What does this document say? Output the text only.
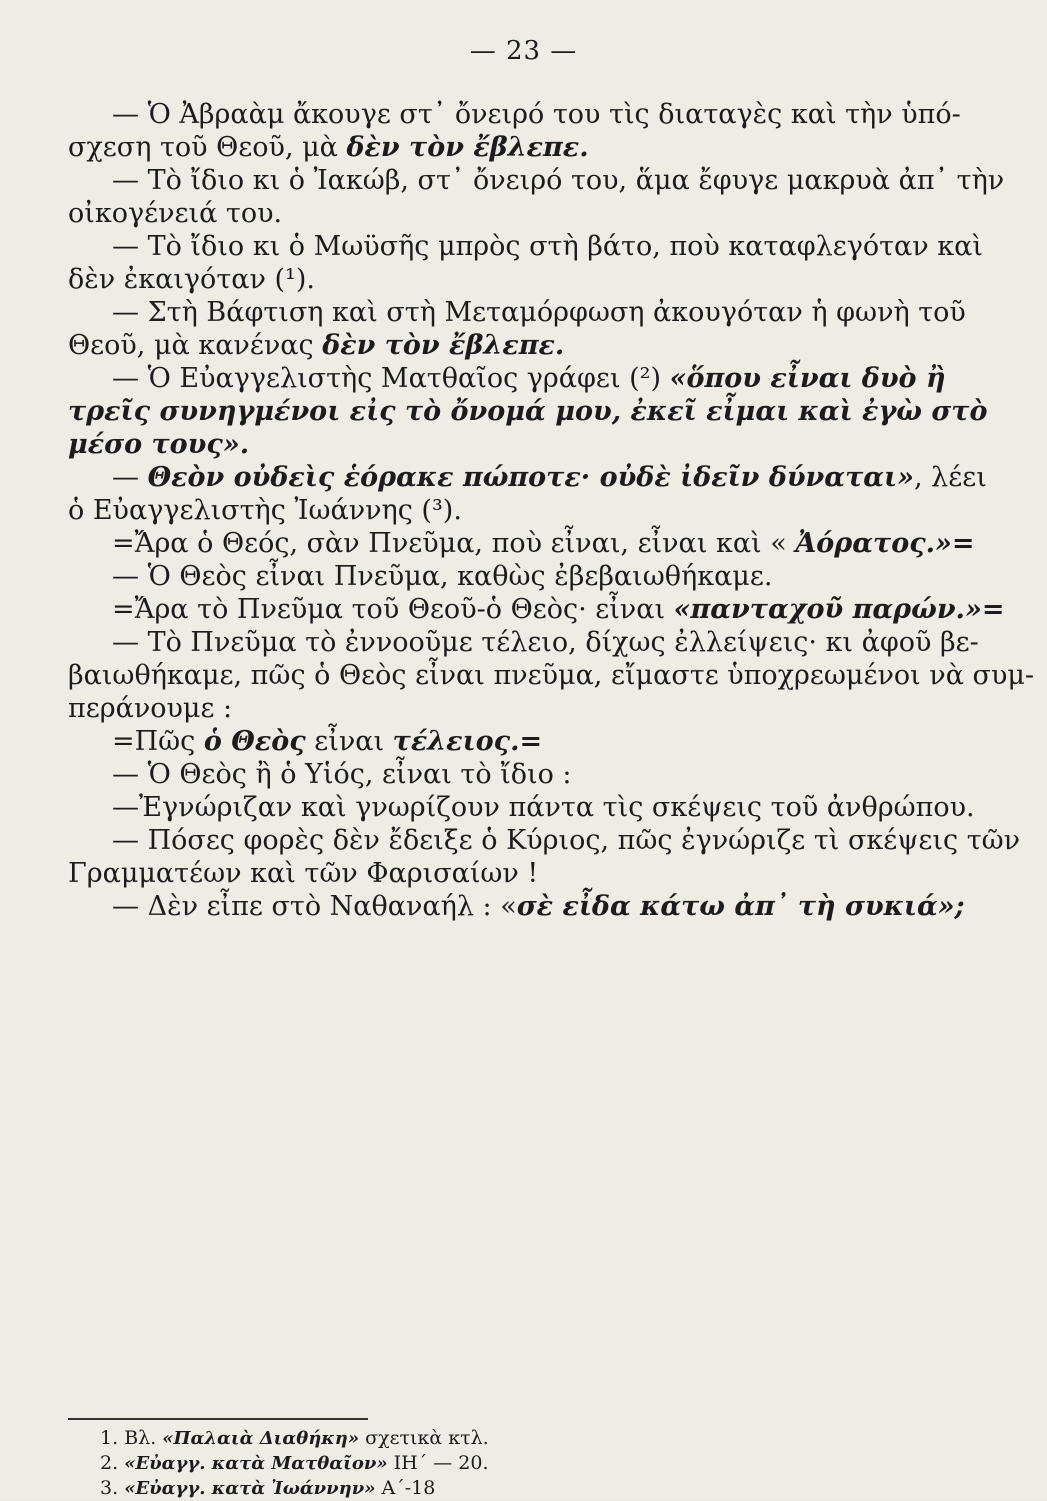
— 23 —
— Ὁ Ἀβραὰμ ἄκουγε στ᾿ ὄνειρό του τὶς διαταγὲς καὶ τὴν ὑπό-
σχεση τοῦ Θεοῦ, μὰ δὲν τὸν ἔβλεπε.
— Τὸ ἴδιο κι ὁ Ἰακώβ, στ᾿ ὄνειρό του, ἅμα ἔφυγε μακρυὰ ἀπ᾿ τὴν
οἰκογένειά του.
— Τὸ ἴδιο κι ὁ Μωϋσῆς μπρὸς στὴ βάτο, ποὺ καταφλεγόταν καὶ
δὲν ἐκαιγόταν (¹).
— Στὴ Βάφτιση καὶ στὴ Μεταμόρφωση ἀκουγόταν ἡ φωνὴ τοῦ
Θεοῦ, μὰ κανένας δὲν τὸν ἔβλεπε.
— Ὁ Εὐαγγελιστὴς Ματθαῖος γράφει (²) «ὅπου εἶναι δυὸ ἢ
τρεῖς συνηγμένοι εἰς τὸ ὄνομά μου, ἐκεῖ εἶμαι καὶ ἐγὼ στὸ
μέσο τους».
— Θεὸν οὐδεὶς ἑόρακε πώποτε· οὐδὲ ἰδεῖν δύναται», λέει
ὁ Εὐαγγελιστὴς Ἰωάννης (³).
=Ἄρα ὁ Θεός, σὰν Πνεῦμα, ποὺ εἶναι, εἶναι καὶ « Ἀόρατος.»=
— Ὁ Θεὸς εἶναι Πνεῦμα, καθὼς ἐβεβαιωθήκαμε.
=Ἄρα τὸ Πνεῦμα τοῦ Θεοῦ-ὁ Θεὸς· εἶναι «πανταχοῦ παρών.»=
— Τὸ Πνεῦμα τὸ ἐννοοῦμε τέλειο, δίχως ἐλλείψεις· κι ἀφοῦ βε-
βαιωθήκαμε, πῶς ὁ Θεὸς εἶναι πνεῦμα, εἴμαστε ὑποχρεωμένοι νὰ συμ-
περάνουμε :
=Πῶς ὁ Θεὸς εἶναι τέλειος.=
— Ὁ Θεὸς ἢ ὁ Υἱός, εἶναι τὸ ἴδιο :
—Ἐγνώριζαν καὶ γνωρίζουν πάντα τὶς σκέψεις τοῦ ἀνθρώπου.
— Πόσες φορὲς δὲν ἔδειξε ὁ Κύριος, πῶς ἐγνώριζε τὶ σκέψεις τῶν
Γραμματέων καὶ τῶν Φαρισαίων !
— Δὲν εἶπε στὸ Ναθαναήλ : «σὲ εἶδα κάτω ἀπ᾿ τὴ συκιά»;
1. Βλ. «Παλαιὰ Διαθήκη» σχετικὰ κτλ.
2. «Εὐαγγ. κατὰ Ματθαῖον» ΙΗ΄ — 20.
3. «Εὐαγγ. κατὰ Ἰωάννην» Α΄-18
